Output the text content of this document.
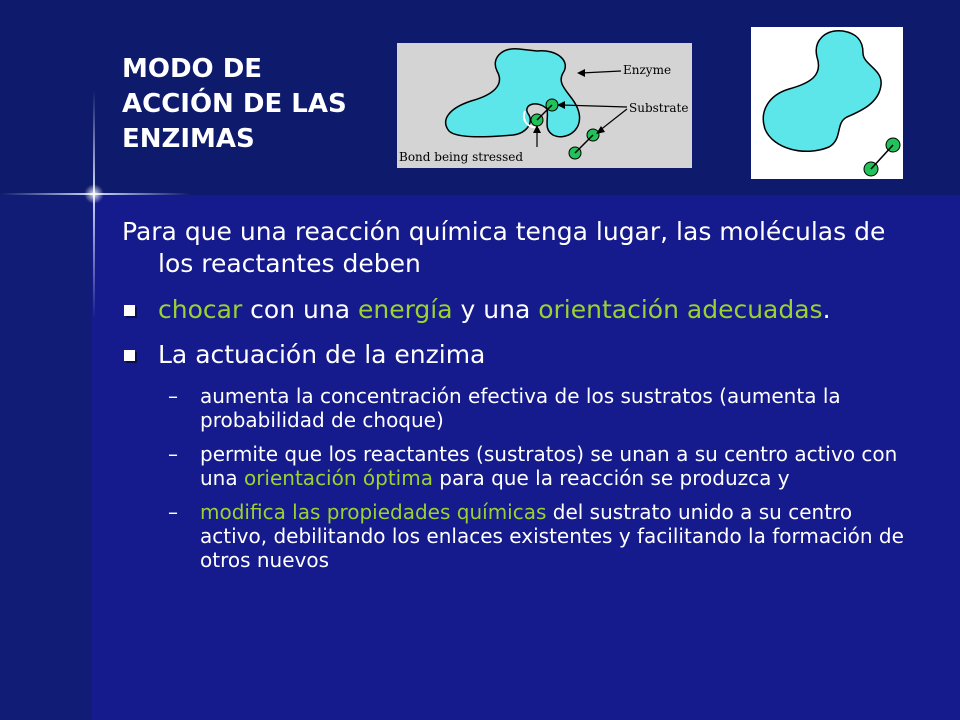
MODO DE
ACCIÓN DE LAS
ENZIMAS
Enzyme
Substrate
Bond being stressed

Para que una reacción química tenga lugar, las moléculas de los reactantes deben

chocar con una energía y una orientación adecuadas.
La actuación de la enzima
– aumenta la concentración efectiva de los sustratos (aumenta la probabilidad de choque)
– permite que los reactantes (sustratos) se unan a su centro activo con una orientación óptima para que la reacción se produzca y
– modifica las propiedades químicas del sustrato unido a su centro activo, debilitando los enlaces existentes y facilitando la formación de otros nuevos
